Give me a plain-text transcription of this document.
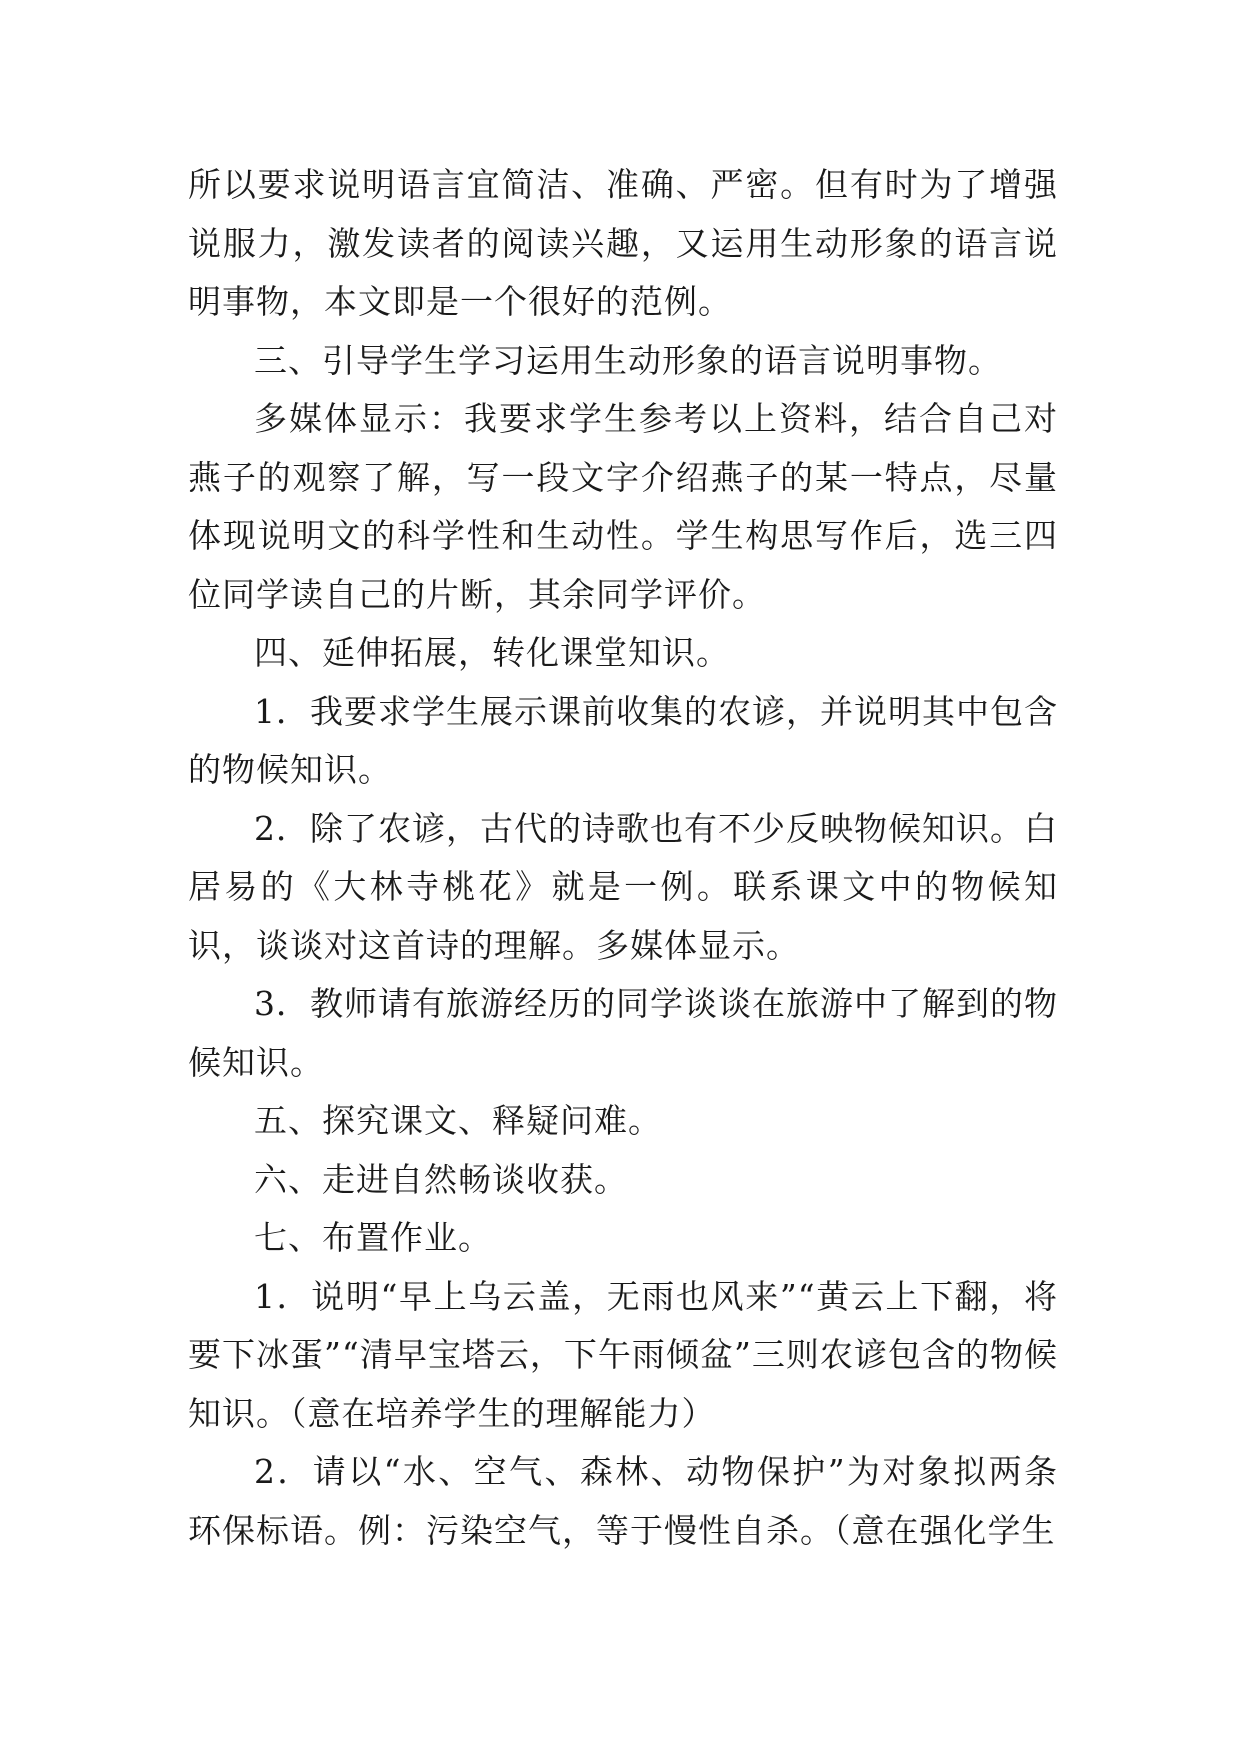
所以要求说明语言宜简洁、准确、严密。但有时为了增强说服力，激发读者的阅读兴趣，又运用生动形象的语言说明事物，本文即是一个很好的范例。

三、引导学生学习运用生动形象的语言说明事物。

多媒体显示：我要求学生参考以上资料，结合自己对燕子的观察了解，写一段文字介绍燕子的某一特点，尽量体现说明文的科学性和生动性。学生构思写作后，选三四位同学读自己的片断，其余同学评价。

四、延伸拓展，转化课堂知识。

1．我要求学生展示课前收集的农谚，并说明其中包含的物候知识。

2．除了农谚，古代的诗歌也有不少反映物候知识。白居易的《大林寺桃花》就是一例。联系课文中的物候知识，谈谈对这首诗的理解。多媒体显示。

3．教师请有旅游经历的同学谈谈在旅游中了解到的物候知识。

五、探究课文、释疑问难。

六、走进自然畅谈收获。

七、布置作业。

1．说明“早上乌云盖，无雨也风来”“黄云上下翻，将要下冰蛋”“清早宝塔云，下午雨倾盆”三则农谚包含的物候知识。（意在培养学生的理解能力）

2．请以“水、空气、森林、动物保护”为对象拟两条环保标语。例：污染空气，等于慢性自杀。（意在强化学生
